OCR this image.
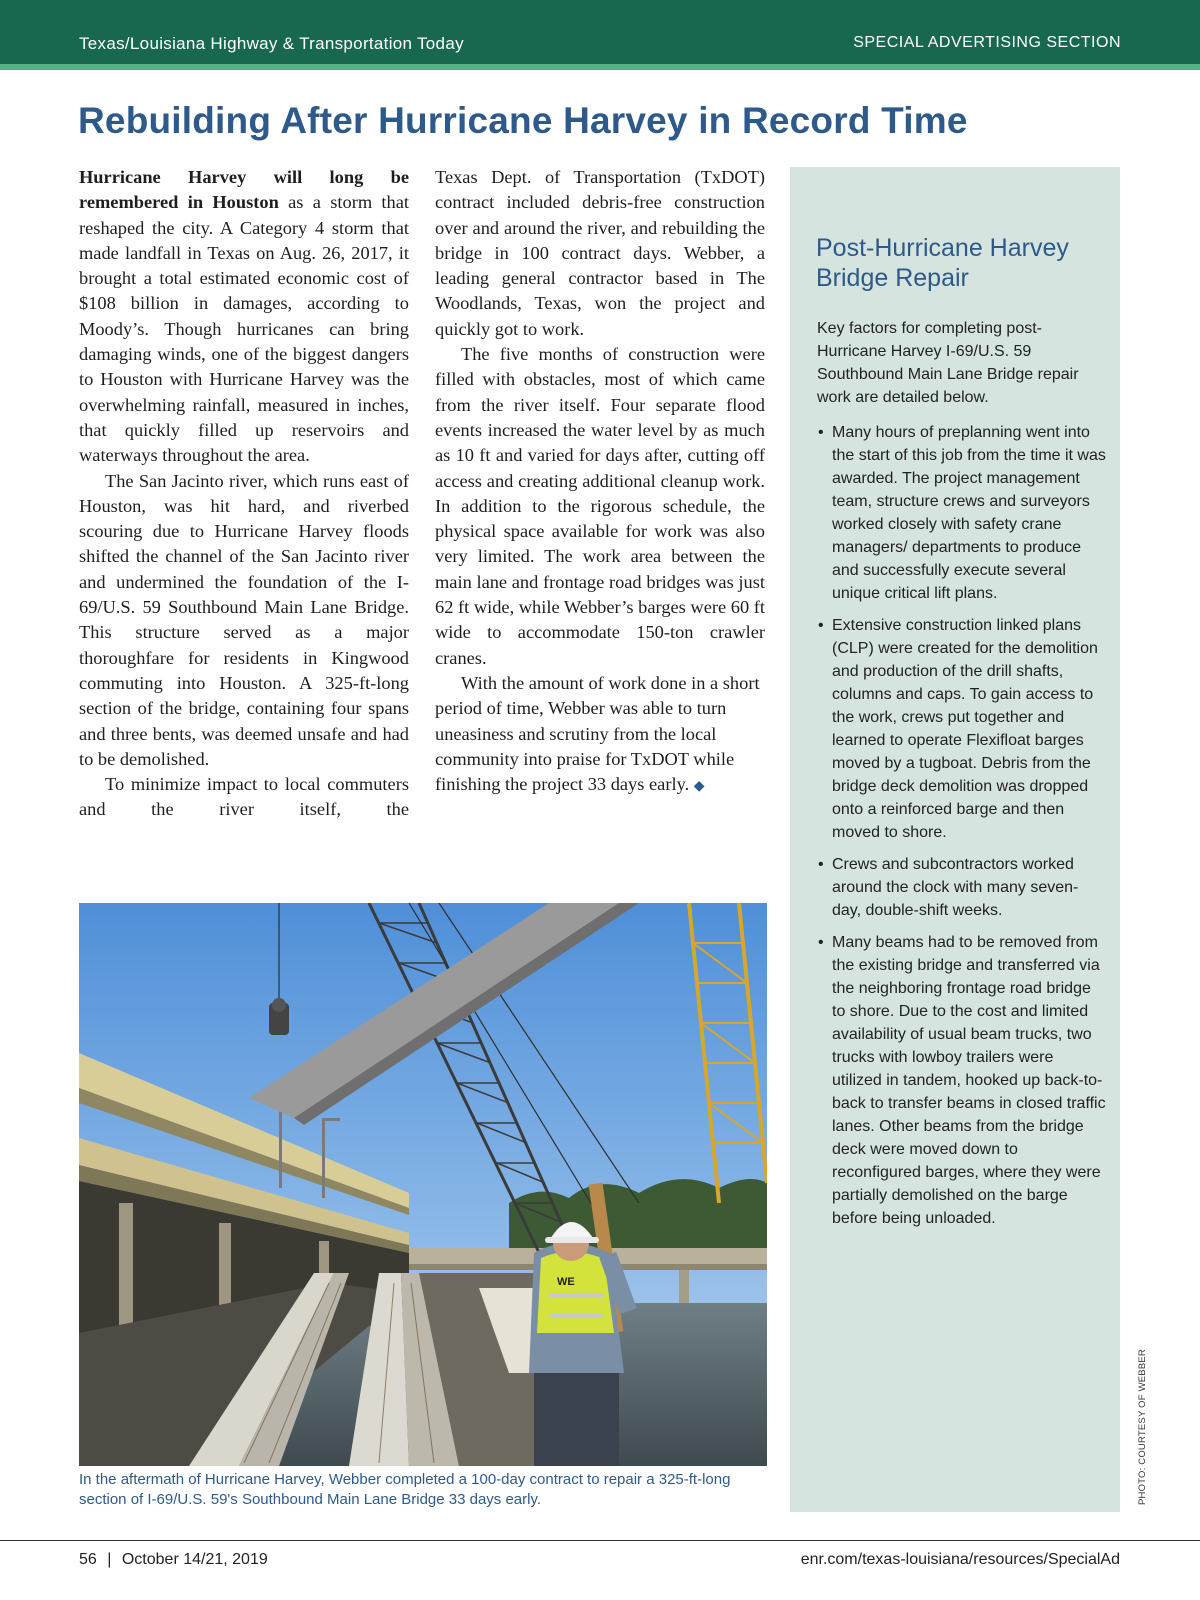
Texas/Louisiana Highway & Transportation Today	SPECIAL ADVERTISING SECTION
Rebuilding After Hurricane Harvey in Record Time

Hurricane Harvey will long be remembered in Houston as a storm that reshaped the city. A Category 4 storm that made landfall in Texas on Aug. 26, 2017, it brought a total estimated economic cost of $108 billion in damages, according to Moody’s. Though hurricanes can bring damaging winds, one of the biggest dangers to Houston with Hurricane Harvey was the overwhelming rainfall, measured in inches, that quickly filled up reservoirs and waterways throughout the area.

The San Jacinto river, which runs east of Houston, was hit hard, and riverbed scouring due to Hurricane Harvey floods shifted the channel of the San Jacinto river and undermined the foundation of the I-69/U.S. 59 Southbound Main Lane Bridge. This structure served as a major thoroughfare for residents in Kingwood commuting into Houston. A 325-ft-long section of the bridge, containing four spans and three bents, was deemed unsafe and had to be demolished.

To minimize impact to local commuters and the river itself, the

Texas Dept. of Transportation (TxDOT) contract included debris-free construction over and around the river, and rebuilding the bridge in 100 contract days. Webber, a leading general contractor based in The Woodlands, Texas, won the project and quickly got to work.

The five months of construction were filled with obstacles, most of which came from the river itself. Four separate flood events increased the water level by as much as 10 ft and varied for days after, cutting off access and creating additional cleanup work. In addition to the rigorous schedule, the physical space available for work was also very limited. The work area between the main lane and frontage road bridges was just 62 ft wide, while Webber’s barges were 60 ft wide to accommodate 150-ton crawler cranes.

With the amount of work done in a short period of time, Webber was able to turn uneasiness and scrutiny from the local community into praise for TxDOT while finishing the project 33 days early. ◆

Post-Hurricane Harvey Bridge Repair

Key factors for completing post-Hurricane Harvey I-69/U.S. 59 Southbound Main Lane Bridge repair work are detailed below.

• Many hours of preplanning went into the start of this job from the time it was awarded. The project management team, structure crews and surveyors worked closely with safety crane managers/ departments to produce and successfully execute several unique critical lift plans.
• Extensive construction linked plans (CLP) were created for the demolition and production of the drill shafts, columns and caps. To gain access to the work, crews put together and learned to operate Flexifloat barges moved by a tugboat. Debris from the bridge deck demolition was dropped onto a reinforced barge and then moved to shore.
• Crews and subcontractors worked around the clock with many seven-day, double-shift weeks.
• Many beams had to be removed from the existing bridge and transferred via the neighboring frontage road bridge to shore. Due to the cost and limited availability of usual beam trucks, two trucks with lowboy trailers were utilized in tandem, hooked up back-to-back to transfer beams in closed traffic lanes. Other beams from the bridge deck were moved down to reconfigured barges, where they were partially demolished on the barge before being unloaded.
WE

In the aftermath of Hurricane Harvey, Webber completed a 100-day contract to repair a 325-ft-long section of I-69/U.S. 59's Southbound Main Lane Bridge 33 days early.	PHOTO: COURTESY OF WEBBER
56 | October 14/21, 2019	enr.com/texas-louisiana/resources/SpecialAd
